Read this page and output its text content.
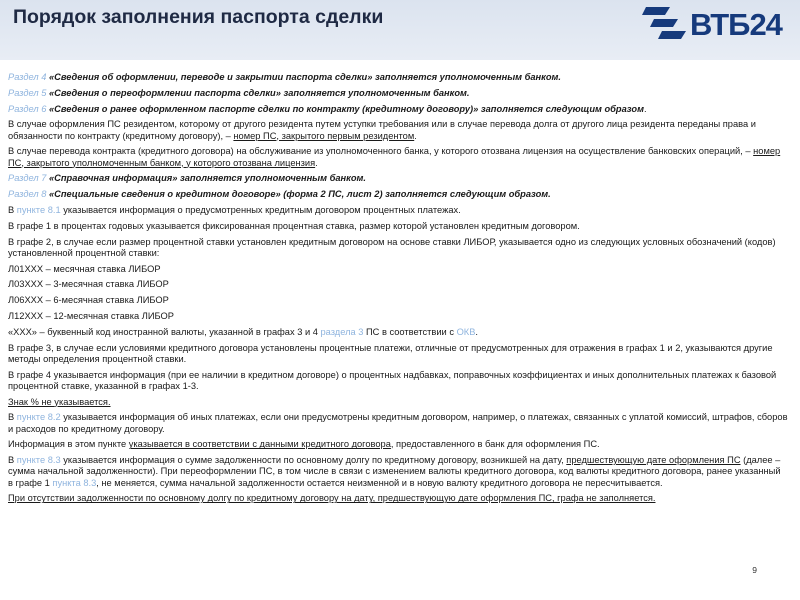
Порядок заполнения паспорта сделки	ВТБ24

Раздел 4 «Сведения об оформлении, переводе и закрытии паспорта сделки» заполняется уполномоченным банком.

Раздел 5 «Сведения о переоформлении паспорта сделки» заполняется уполномоченным банком.

Раздел 6 «Сведения о ранее оформленном паспорте сделки по контракту (кредитному договору)» заполняется следующим образом.

В случае оформления ПС резидентом, которому от другого резидента путем уступки требования или в случае перевода долга от другого лица резидента переданы права и обязанности по контракту (кредитному договору), – номер ПС, закрытого первым резидентом.

В случае перевода контракта (кредитного договора) на обслуживание из уполномоченного банка, у которого отозвана лицензия на осуществление банковских операций, – номер ПС, закрытого уполномоченным банком, у которого отозвана лицензия.

Раздел 7 «Справочная информация» заполняется уполномоченным банком.

Раздел 8 «Специальные сведения о кредитном договоре» (форма 2 ПС, лист 2) заполняется следующим образом.

В пункте 8.1 указывается информация о предусмотренных кредитным договором процентных платежах.

В графе 1 в процентах годовых указывается фиксированная процентная ставка, размер которой установлен кредитным договором.

В графе 2, в случае если размер процентной ставки установлен кредитным договором на основе ставки ЛИБОР, указывается одно из следующих условных обозначений (кодов) установленной процентной ставки:

Л01ХХХ – месячная ставка ЛИБОР

Л03ХХХ – 3-месячная ставка ЛИБОР

Л06ХХХ – 6-месячная ставка ЛИБОР

Л12ХХХ – 12-месячная ставка ЛИБОР

«ХХХ» – буквенный код иностранной валюты, указанной в графах 3 и 4 раздела 3 ПС в соответствии с ОКВ.

В графе 3, в случае если условиями кредитного договора установлены процентные платежи, отличные от предусмотренных для отражения в графах 1 и 2, указываются другие методы определения процентной ставки.

В графе 4 указывается информация (при ее наличии в кредитном договоре) о процентных надбавках, поправочных коэффициентах и иных дополнительных платежах к базовой процентной ставке, указанной в графах 1-3.

Знак % не указывается.

В пункте 8.2 указывается информация об иных платежах, если они предусмотрены кредитным договором, например, о платежах, связанных с уплатой комиссий, штрафов, сборов и расходов по кредитному договору.

Информация в этом пункте указывается в соответствии с данными кредитного договора, предоставленного в банк для оформления ПС.

В пункте 8.3 указывается информация о сумме задолженности по основному долгу по кредитному договору, возникшей на дату, предшествующую дате оформления ПС (далее – сумма начальной задолженности). При переоформлении ПС, в том числе в связи с изменением валюты кредитного договора, код валюты кредитного договора, ранее указанный в графе 1 пункта 8.3, не меняется, сумма начальной задолженности остается неизменной и в новую валюту кредитного договора не пересчитывается.

При отсутствии задолженности по основному долгу по кредитному договору на дату, предшествующую дате оформления ПС, графа не заполняется.

9
